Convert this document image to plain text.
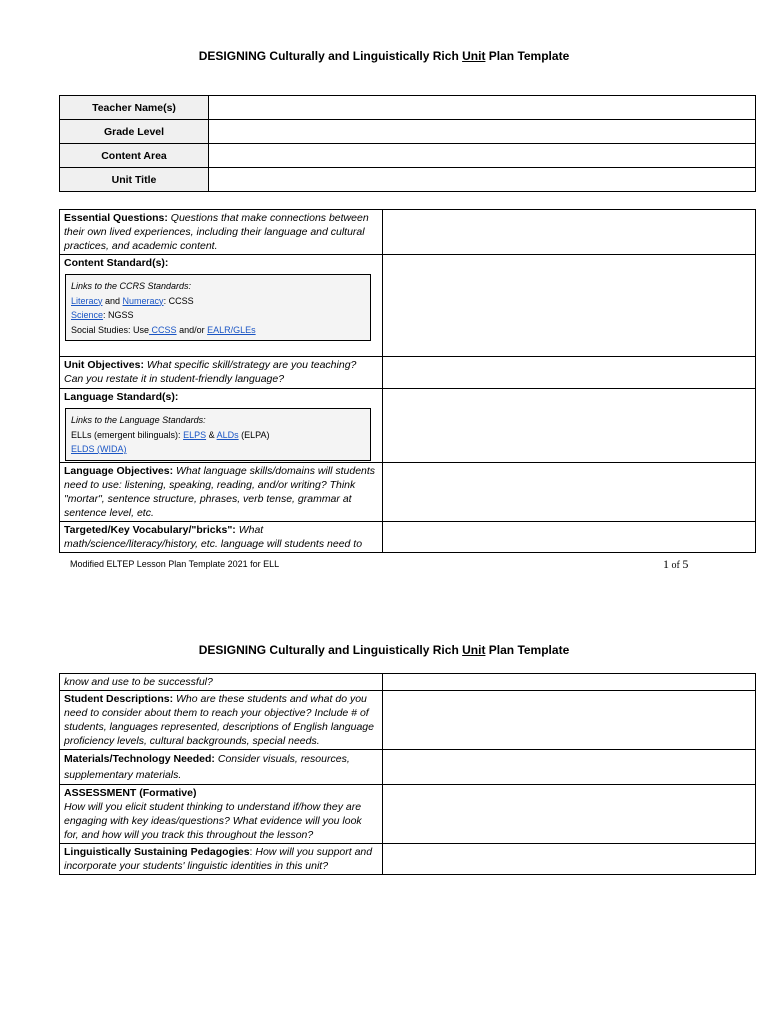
DESIGNING Culturally and Linguistically Rich Unit Plan Template
Teacher Name(s)	
Grade Level	
Content Area	
Unit Title	
Essential Questions: Questions that make connections between their own lived experiences, including their language and cultural practices, and academic content.	

Content Standard(s):
Links to the CCRS Standards:
Literacy and Numeracy: CCSS
Science: NGSS
Social Studies: Use CCSS and/or EALR/GLEs	

Unit Objectives: What specific skill/strategy are you teaching? Can you restate it in student-friendly language?	

Language Standard(s):
Links to the Language Standards:
ELLs (emergent bilinguals): ELPS & ALDs (ELPA)
ELDS (WIDA)	

Language Objectives: What language skills/domains will students need to use: listening, speaking, reading, and/or writing? Think "mortar", sentence structure, phrases, verb tense, grammar at sentence level, etc.	
Targeted/Key Vocabulary/"bricks": What math/science/literacy/history, etc. language will students need to	
Modified ELTEP Lesson Plan Template 2021 for ELL	1 of 5
DESIGNING Culturally and Linguistically Rich Unit Plan Template
know and use to be successful?	
Student Descriptions: Who are these students and what do you need to consider about them to reach your objective? Include # of students, languages represented, descriptions of English language proficiency levels, cultural backgrounds, special needs.	
Materials/Technology Needed: Consider visuals, resources, supplementary materials.	

ASSESSMENT (Formative)
How will you elicit student thinking to understand if/how they are engaging with key ideas/questions? What evidence will you look for, and how will you track this throughout the lesson?	

Linguistically Sustaining Pedagogies: How will you support and incorporate your students' linguistic identities in this unit?	
